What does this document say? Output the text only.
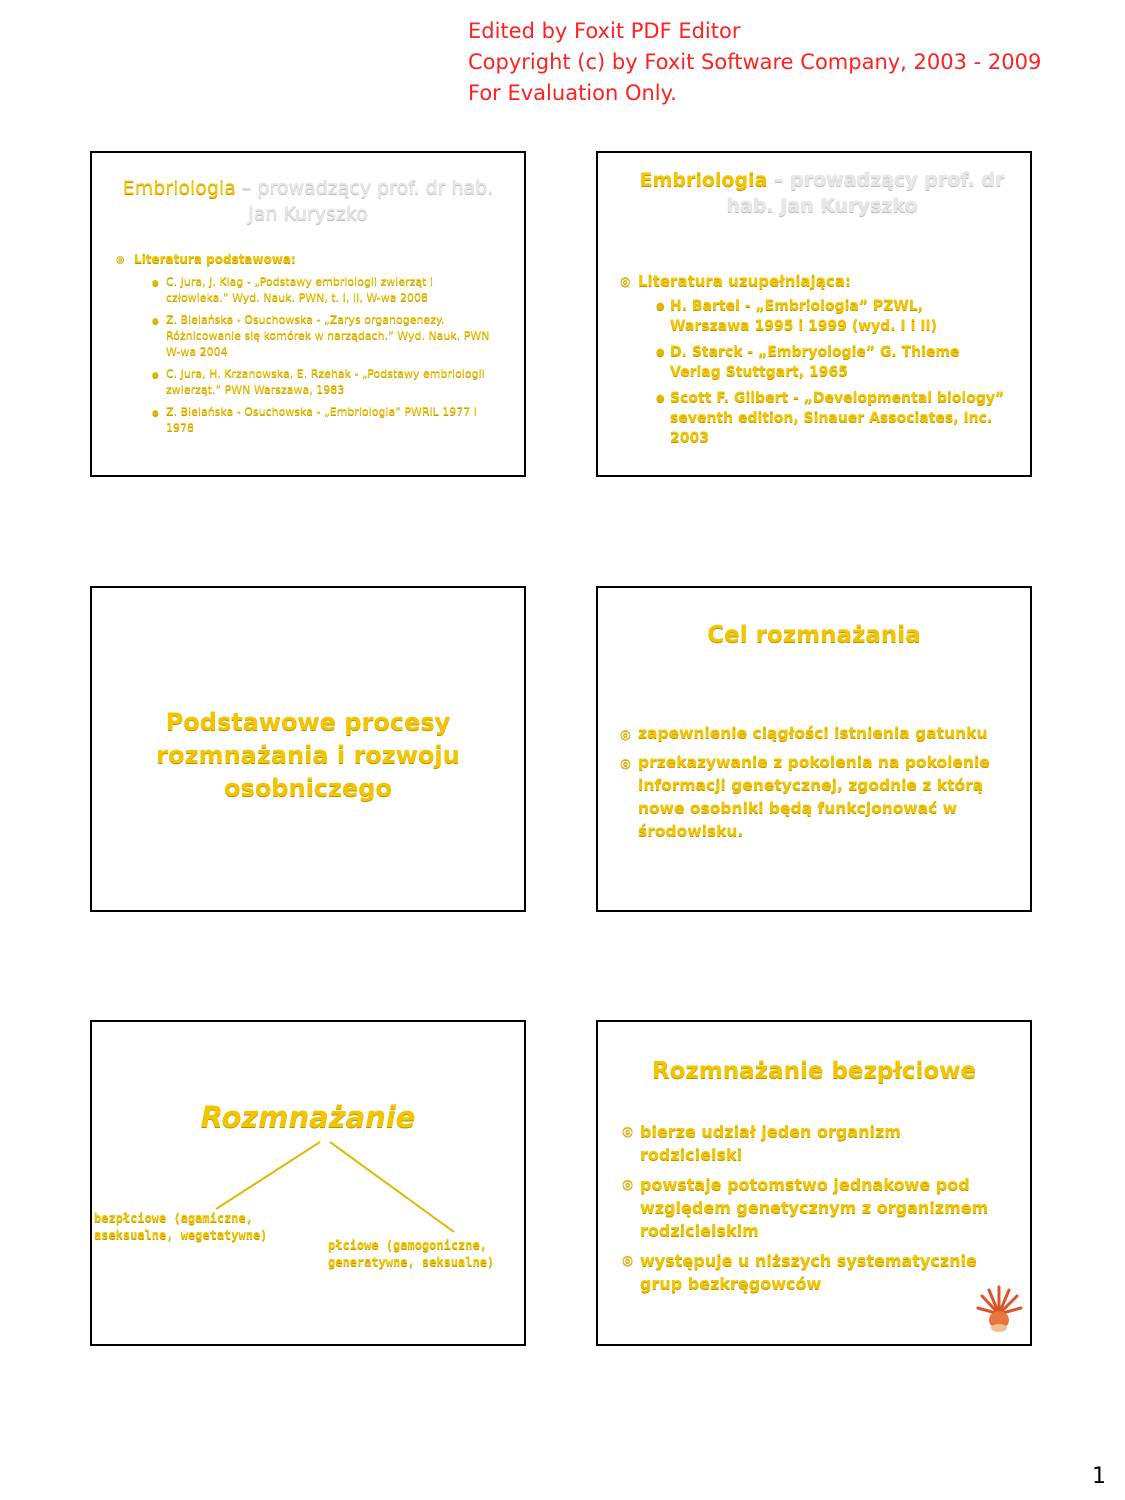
Edited by Foxit PDF Editor
Copyright (c) by Foxit Software Company, 2003 - 2009
For Evaluation Only.
Embriologia – prowadzący prof. dr hab. Jan Kuryszko
◎ Literatura podstawowa:
● C. Jura, J. Klag - „Podstawy embriologii zwierząt i człowieka.” Wyd. Nauk. PWN, t. I, II, W-wa 2008
● Z. Bielańska - Osuchowska - „Zarys organogenezy. Różnicowanie się komórek w narządach.” Wyd. Nauk. PWN W-wa 2004
● C. Jura, H. Krzanowska, E. Rzehak - „Podstawy embriologii zwierząt.” PWN Warszawa, 1983
● Z. Bielańska - Osuchowska - „Embriologia” PWRiL 1977 i 1978
Embriologia – prowadzący prof. dr hab. Jan Kuryszko
◎ Literatura uzupełniająca:
● H. Bartel - „Embriologia” PZWL, Warszawa 1995 i 1999 (wyd. I i II)
● D. Starck - „Embryologie” G. Thieme Verlag Stuttgart, 1965
● Scott F. Gilbert - „Developmental biology” seventh edition, Sinauer Associates, Inc. 2003
Podstawowe procesy rozmnażania i rozwoju osobniczego
Cel rozmnażania
◎ zapewnienie ciągłości istnienia gatunku
◎ przekazywanie z pokolenia na pokolenie informacji genetycznej, zgodnie z którą nowe osobniki będą funkcjonować w środowisku.
Rozmnażanie
bezpłciowe (agamiczne,
aseksualne, wegetatywne)
płciowe (gamogoniczne,
generatywne, seksualne)
Rozmnażanie bezpłciowe
◎ bierze udział jeden organizm rodzicielski
◎ powstaje potomstwo jednakowe pod względem genetycznym z organizmem rodzicielskim
◎ występuje u niższych systematycznie grup bezkręgowców
1
